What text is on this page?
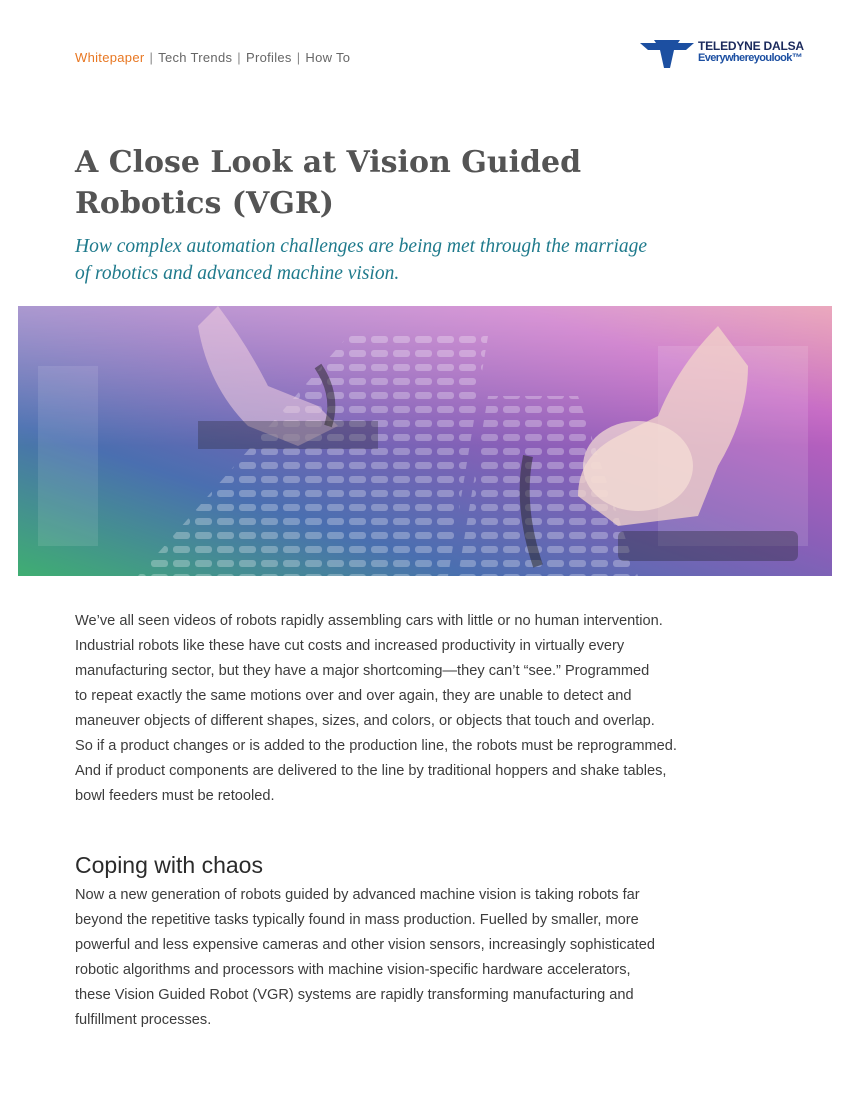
Whitepaper | Tech Trends | Profiles | How To
TELEDYNE DALSA
Everywhereyoulook™
A Close Look at Vision Guided
Robotics (VGR)

How complex automation challenges are being met through the marriage
of robotics and advanced machine vision.

We’ve all seen videos of robots rapidly assembling cars with little or no human intervention.
Industrial robots like these have cut costs and increased productivity in virtually every
manufacturing sector, but they have a major shortcoming—they can’t “see.” Programmed
to repeat exactly the same motions over and over again, they are unable to detect and
maneuver objects of different shapes, sizes, and colors, or objects that touch and overlap.
So if a product changes or is added to the production line, the robots must be reprogrammed.
And if product components are delivered to the line by traditional hoppers and shake tables,
bowl feeders must be retooled.

Coping with chaos

Now a new generation of robots guided by advanced machine vision is taking robots far
beyond the repetitive tasks typically found in mass production. Fuelled by smaller, more
powerful and less expensive cameras and other vision sensors, increasingly sophisticated
robotic algorithms and processors with machine vision-specific hardware accelerators,
these Vision Guided Robot (VGR) systems are rapidly transforming manufacturing and
fulfillment processes.
